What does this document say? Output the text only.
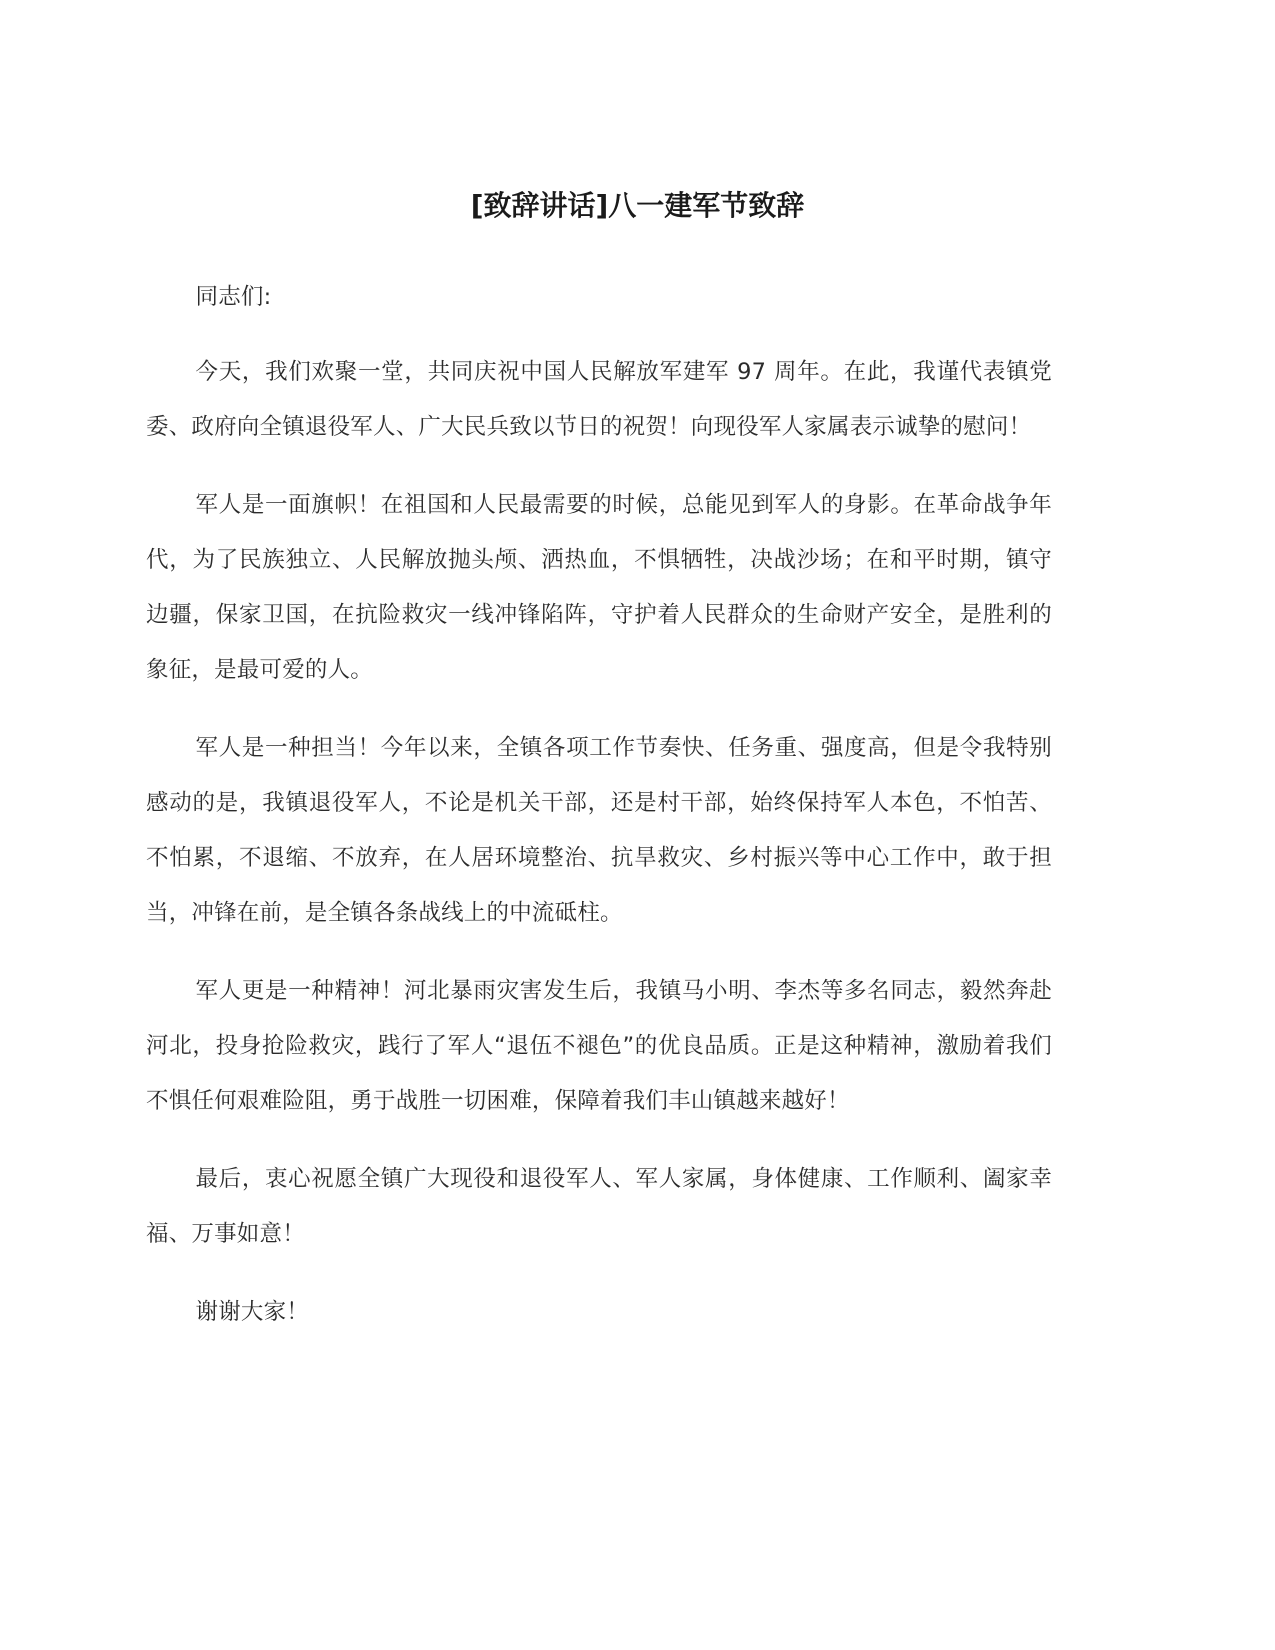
[致辞讲话]八一建军节致辞

同志们:

今天，我们欢聚一堂，共同庆祝中国人民解放军建军 97 周年。在此，我谨代表镇党委、政府向全镇退役军人、广大民兵致以节日的祝贺！向现役军人家属表示诚挚的慰问！

军人是一面旗帜！在祖国和人民最需要的时候，总能见到军人的身影。在革命战争年代，为了民族独立、人民解放抛头颅、洒热血，不惧牺牲，决战沙场；在和平时期，镇守边疆，保家卫国，在抗险救灾一线冲锋陷阵，守护着人民群众的生命财产安全，是胜利的象征，是最可爱的人。

军人是一种担当！今年以来，全镇各项工作节奏快、任务重、强度高，但是令我特别感动的是，我镇退役军人，不论是机关干部，还是村干部，始终保持军人本色，不怕苦、不怕累，不退缩、不放弃，在人居环境整治、抗旱救灾、乡村振兴等中心工作中，敢于担当，冲锋在前，是全镇各条战线上的中流砥柱。

军人更是一种精神！河北暴雨灾害发生后，我镇马小明、李杰等多名同志，毅然奔赴河北，投身抢险救灾，践行了军人“退伍不褪色”的优良品质。正是这种精神，激励着我们不惧任何艰难险阻，勇于战胜一切困难，保障着我们丰山镇越来越好！

最后，衷心祝愿全镇广大现役和退役军人、军人家属，身体健康、工作顺利、阖家幸福、万事如意！

谢谢大家！
